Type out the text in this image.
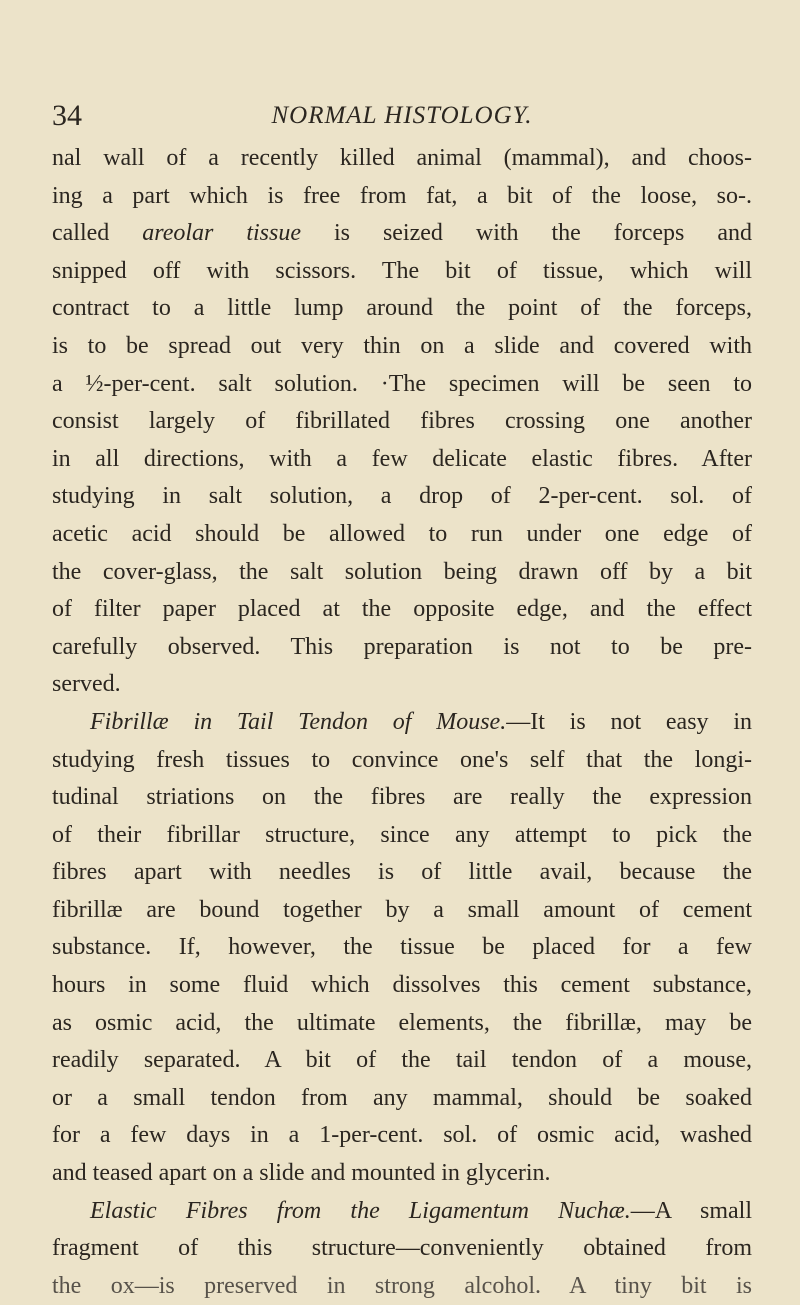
34	NORMAL HISTOLOGY.
nal wall of a recently killed animal (mammal), and choos-
ing a part which is free from fat, a bit of the loose, so-.
called areolar tissue is seized with the forceps and
snipped off with scissors. The bit of tissue, which will
contract to a little lump around the point of the forceps,
is to be spread out very thin on a slide and covered with
a ½-per-cent. salt solution. ·The specimen will be seen to
consist largely of fibrillated fibres crossing one another
in all directions, with a few delicate elastic fibres. After
studying in salt solution, a drop of 2-per-cent. sol. of
acetic acid should be allowed to run under one edge of
the cover-glass, the salt solution being drawn off by a bit
of filter paper placed at the opposite edge, and the effect
carefully observed. This preparation is not to be pre-
served.
Fibrillæ in Tail Tendon of Mouse.—It is not easy in
studying fresh tissues to convince one's self that the longi-
tudinal striations on the fibres are really the expression
of their fibrillar structure, since any attempt to pick the
fibres apart with needles is of little avail, because the
fibrillæ are bound together by a small amount of cement
substance. If, however, the tissue be placed for a few
hours in some fluid which dissolves this cement substance,
as osmic acid, the ultimate elements, the fibrillæ, may be
readily separated. A bit of the tail tendon of a mouse,
or a small tendon from any mammal, should be soaked
for a few days in a 1-per-cent. sol. of osmic acid, washed
and teased apart on a slide and mounted in glycerin.
Elastic Fibres from the Ligamentum Nuchæ.—A small
fragment of this structure—conveniently obtained from
the ox—is preserved in strong alcohol. A tiny bit is
